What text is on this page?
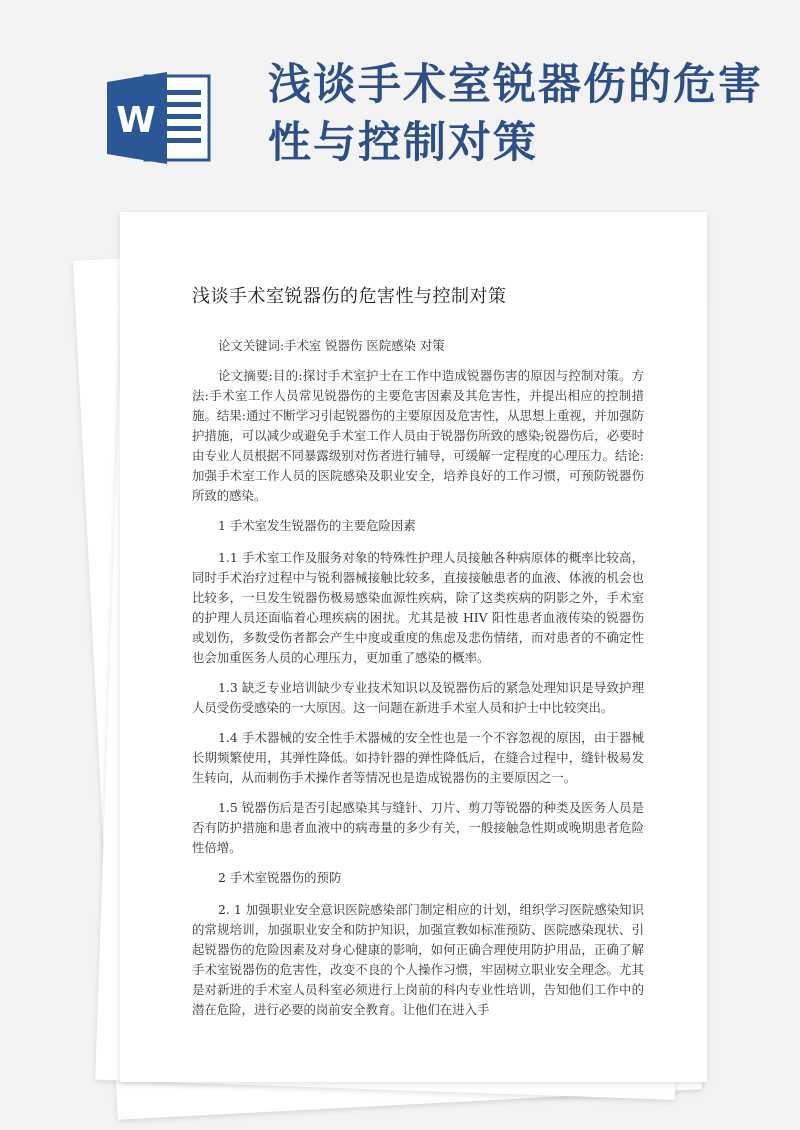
W
浅谈手术室锐器伤的危害性与控制对策
浅谈手术室锐器伤的危害性与控制对策

论文关键词:手术室 锐器伤 医院感染 对策

论文摘要:目的:探讨手术室护士在工作中造成锐器伤害的原因与控制对策。方法:手术室工作人员常见锐器伤的主要危害因素及其危害性，并提出相应的控制措施。结果:通过不断学习引起锐器伤的主要原因及危害性，从思想上重视，并加强防护措施，可以减少或避免手术室工作人员由于锐器伤所致的感染;锐器伤后，必要时由专业人员根据不同暴露级别对伤者进行辅导，可缓解一定程度的心理压力。结论:加强手术室工作人员的医院感染及职业安全，培养良好的工作习惯，可预防锐器伤所致的感染。

1 手术室发生锐器伤的主要危险因素

1.1 手术室工作及服务对象的特殊性护理人员接触各种病原体的概率比较高，同时手术治疗过程中与锐利器械接触比较多，直接接触患者的血液、体液的机会也比较多，一旦发生锐器伤极易感染血源性疾病，除了这类疾病的阴影之外，手术室的护理人员还面临着心理疾病的困扰。尤其是被 HIV 阳性患者血液传染的锐器伤或划伤，多数受伤者都会产生中度或重度的焦虑及悲伤情绪，而对患者的不确定性也会加重医务人员的心理压力，更加重了感染的概率。

1.3 缺乏专业培训缺少专业技术知识以及锐器伤后的紧急处理知识是导致护理人员受伤受感染的一大原因。这一问题在新进手术室人员和护士中比较突出。

1.4 手术器械的安全性手术器械的安全性也是一个不容忽视的原因，由于器械长期频繁使用，其弹性降低。如持针器的弹性降低后，在缝合过程中，缝针极易发生转向，从而刺伤手术操作者等情况也是造成锐器伤的主要原因之一。

1.5 锐器伤后是否引起感染其与缝针、刀片、剪刀等锐器的种类及医务人员是否有防护措施和患者血液中的病毒量的多少有关，一般接触急性期或晚期患者危险性倍增。

2 手术室锐器伤的预防

2. 1 加强职业安全意识医院感染部门制定相应的计划，组织学习医院感染知识的常规培训，加强职业安全和防护知识，加强宣教如标准预防、医院感染现状、引起锐器伤的危险因素及对身心健康的影响，如何正确合理使用防护用品，正确了解手术室锐器伤的危害性，改变不良的个人操作习惯，牢固树立职业安全理念。尤其是对新进的手术室人员科室必须进行上岗前的科内专业性培训，告知他们工作中的潜在危险，进行必要的岗前安全教育。让他们在进入手
